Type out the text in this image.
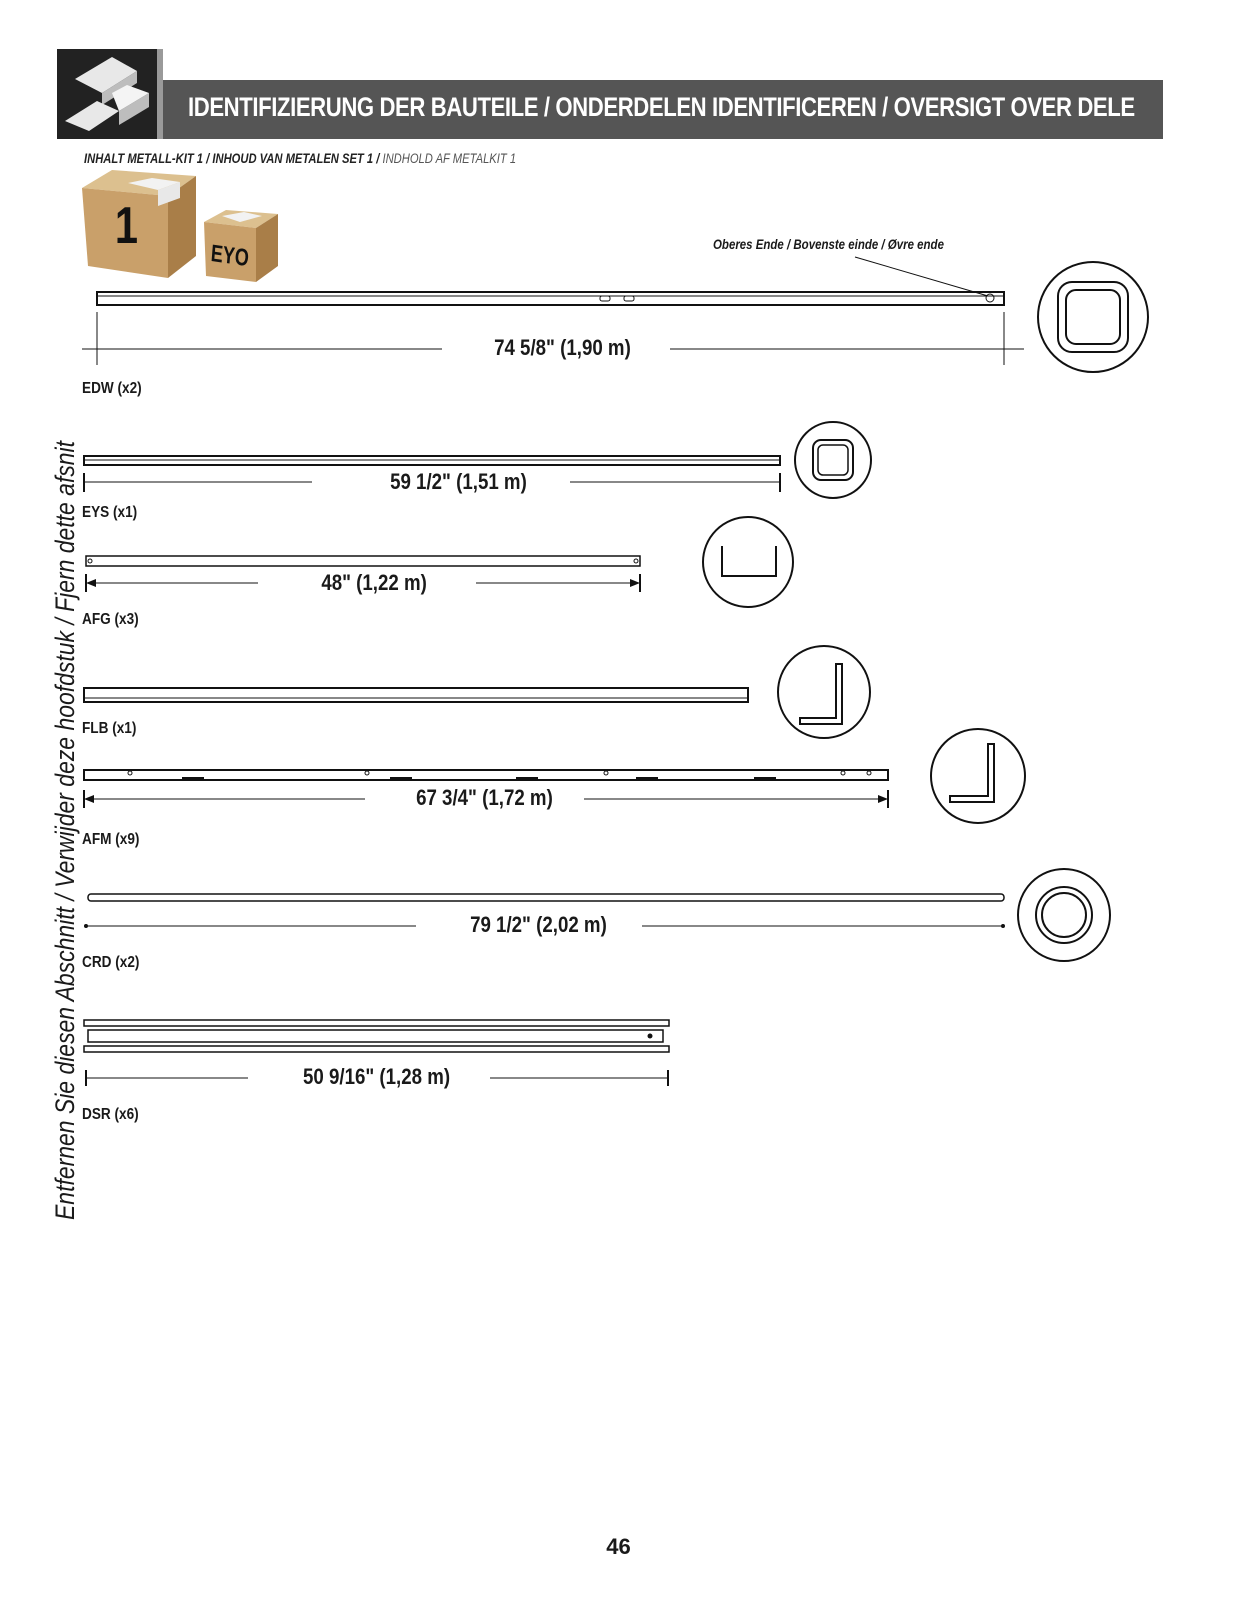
IDENTIFIZIERUNG DER BAUTEILE / ONDERDELEN IDENTIFICEREN / OVERSIGT OVER DELE
INHALT METALL-KIT 1 / INHOUD VAN METALEN SET 1 / INDHOLD AF METALKIT 1
1
EYO	Oberes Ende / Bovenste einde / Øvre ende
74 5/8" (1,90 m)
59 1/2" (1,51 m)
48" (1,22 m)
67 3/4" (1,72 m)
79 1/2" (2,02 m)
50 9/16" (1,28 m)
EDW (x2)
EYS (x1)
AFG (x3)
FLB (x1)
AFM (x9)
CRD (x2)
DSR (x6)
Entfernen Sie diesen Abschnitt / Verwijder deze hoofdstuk / Fjern dette afsnit
46
